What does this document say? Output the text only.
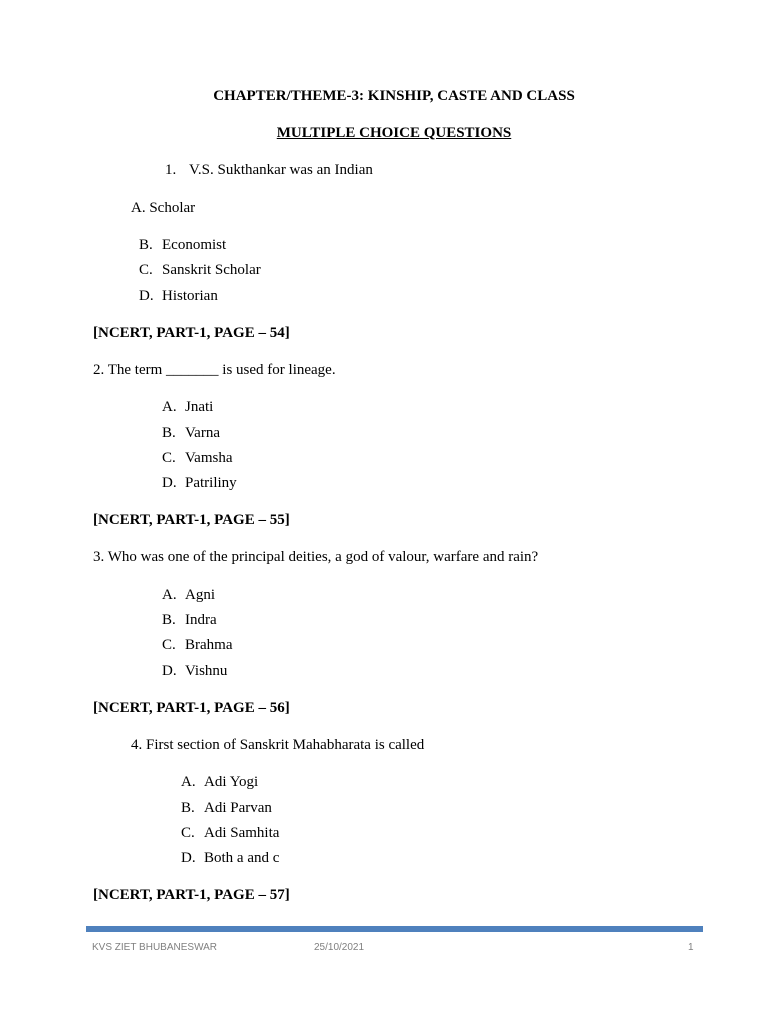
CHAPTER/THEME-3: KINSHIP, CASTE AND CLASS
MULTIPLE CHOICE QUESTIONS
1. V.S. Sukthankar was an Indian
A. Scholar
B. Economist
C. Sanskrit Scholar
D. Historian
[NCERT, PART-1, PAGE – 54]
2. The term _______ is used for lineage.
A. Jnati
B. Varna
C. Vamsha
D. Patriliny
[NCERT, PART-1, PAGE – 55]
3. Who was one of the principal deities, a god of valour, warfare and rain?
A. Agni
B. Indra
C. Brahma
D. Vishnu
[NCERT, PART-1, PAGE – 56]
4. First section of Sanskrit Mahabharata is called
A. Adi Yogi
B. Adi Parvan
C. Adi Samhita
D. Both a and c
[NCERT, PART-1, PAGE – 57]
KVS ZIET BHUBANESWAR	25/10/2021	1
